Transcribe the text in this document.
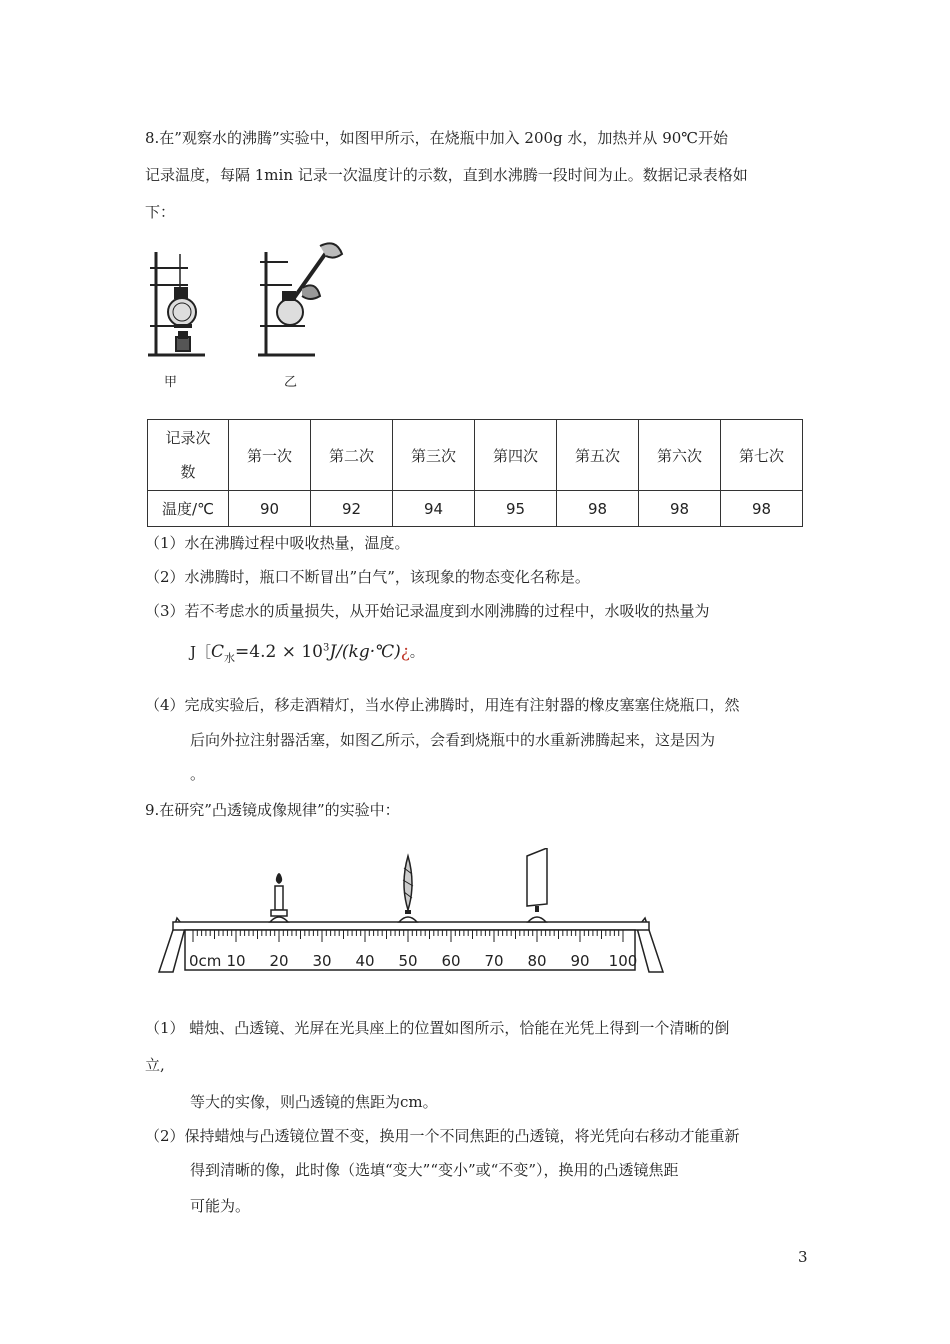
8.在”观察水的沸腾”实验中，如图甲所示，在烧瓶中加入 200g 水，加热并从 90℃开始
记录温度，每隔 1min 记录一次温度计的示数，直到水沸腾一段时间为止。数据记录表格如
下：
甲	乙
记录次
数	第一次	第二次	第三次	第四次	第五次	第六次	第七次
温度/℃	90	92	94	95	98	98	98
（1）水在沸腾过程中吸收热量，温度。
（2）水沸腾时，瓶口不断冒出”白气”，该现象的物态变化名称是。
（3）若不考虑水的质量损失，从开始记录温度到水刚沸腾的过程中，水吸收的热量为
$J[C_水=4.2$ × $10^3J/(kg\cdot℃)¿$。
（4）完成实验后，移走酒精灯，当水停止沸腾时，用连有注射器的橡皮塞塞住烧瓶口，然
后向外拉注射器活塞，如图乙所示，会看到烧瓶中的水重新沸腾起来，这是因为
。
9.在研究”凸透镜成像规律”的实验中：
0cm 10 20 30 40 50 60 70 80 90 100
（1） 蜡烛、凸透镜、光屏在光具座上的位置如图所示，恰能在光凭上得到一个清晰的倒
立,
等大的实像，则凸透镜的焦距为cm。
（2）保持蜡烛与凸透镜位置不变，换用一个不同焦距的凸透镜，将光凭向右移动才能重新
得到清晰的像，此时像（选填“变大”“变小”或“不变”），换用的凸透镜焦距
可能为。
3
